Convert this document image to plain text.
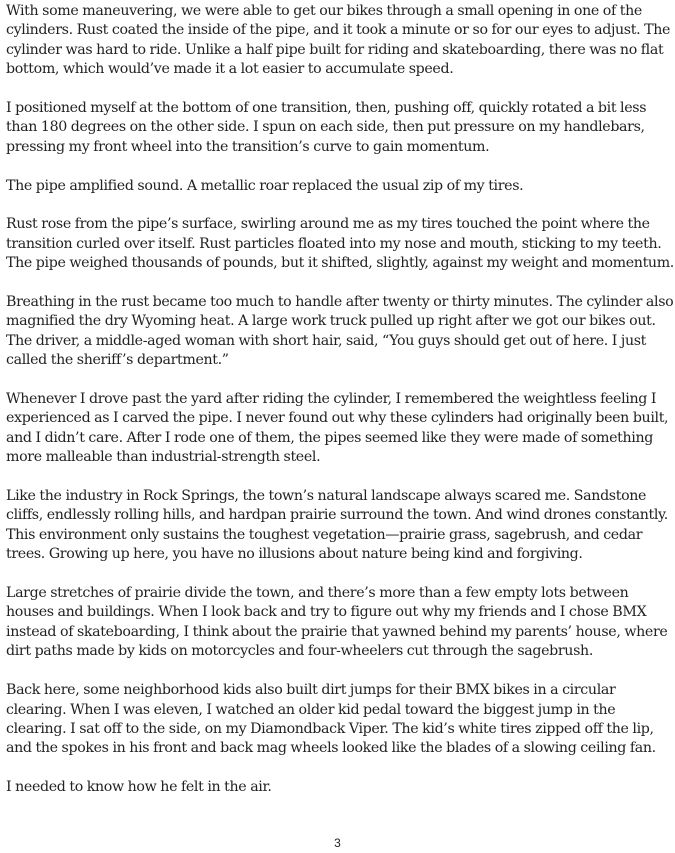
With some maneuvering, we were able to get our bikes through a small opening in one of the cylinders. Rust coated the inside of the pipe, and it took a minute or so for our eyes to adjust. The cylinder was hard to ride. Unlike a half pipe built for riding and skateboarding, there was no flat bottom, which would’ve made it a lot easier to accumulate speed.

I positioned myself at the bottom of one transition, then, pushing off, quickly rotated a bit less than 180 degrees on the other side. I spun on each side, then put pressure on my handlebars, pressing my front wheel into the transition’s curve to gain momentum.

The pipe amplified sound. A metallic roar replaced the usual zip of my tires.

Rust rose from the pipe’s surface, swirling around me as my tires touched the point where the transition curled over itself. Rust particles floated into my nose and mouth, sticking to my teeth. The pipe weighed thousands of pounds, but it shifted, slightly, against my weight and momentum.

Breathing in the rust became too much to handle after twenty or thirty minutes. The cylinder also magnified the dry Wyoming heat. A large work truck pulled up right after we got our bikes out. The driver, a middle-aged woman with short hair, said, “You guys should get out of here. I just called the sheriff’s department.”

Whenever I drove past the yard after riding the cylinder, I remembered the weightless feeling I experienced as I carved the pipe. I never found out why these cylinders had originally been built, and I didn’t care. After I rode one of them, the pipes seemed like they were made of something more malleable than industrial-strength steel.

Like the industry in Rock Springs, the town’s natural landscape always scared me. Sandstone cliffs, endlessly rolling hills, and hardpan prairie surround the town. And wind drones constantly. This environment only sustains the toughest vegetation—prairie grass, sagebrush, and cedar trees. Growing up here, you have no illusions about nature being kind and forgiving.

Large stretches of prairie divide the town, and there’s more than a few empty lots between houses and buildings. When I look back and try to figure out why my friends and I chose BMX instead of skateboarding, I think about the prairie that yawned behind my parents’ house, where dirt paths made by kids on motorcycles and four-wheelers cut through the sagebrush.

Back here, some neighborhood kids also built dirt jumps for their BMX bikes in a circular clearing. When I was eleven, I watched an older kid pedal toward the biggest jump in the clearing. I sat off to the side, on my Diamondback Viper. The kid’s white tires zipped off the lip, and the spokes in his front and back mag wheels looked like the blades of a slowing ceiling fan.

I needed to know how he felt in the air.

3
